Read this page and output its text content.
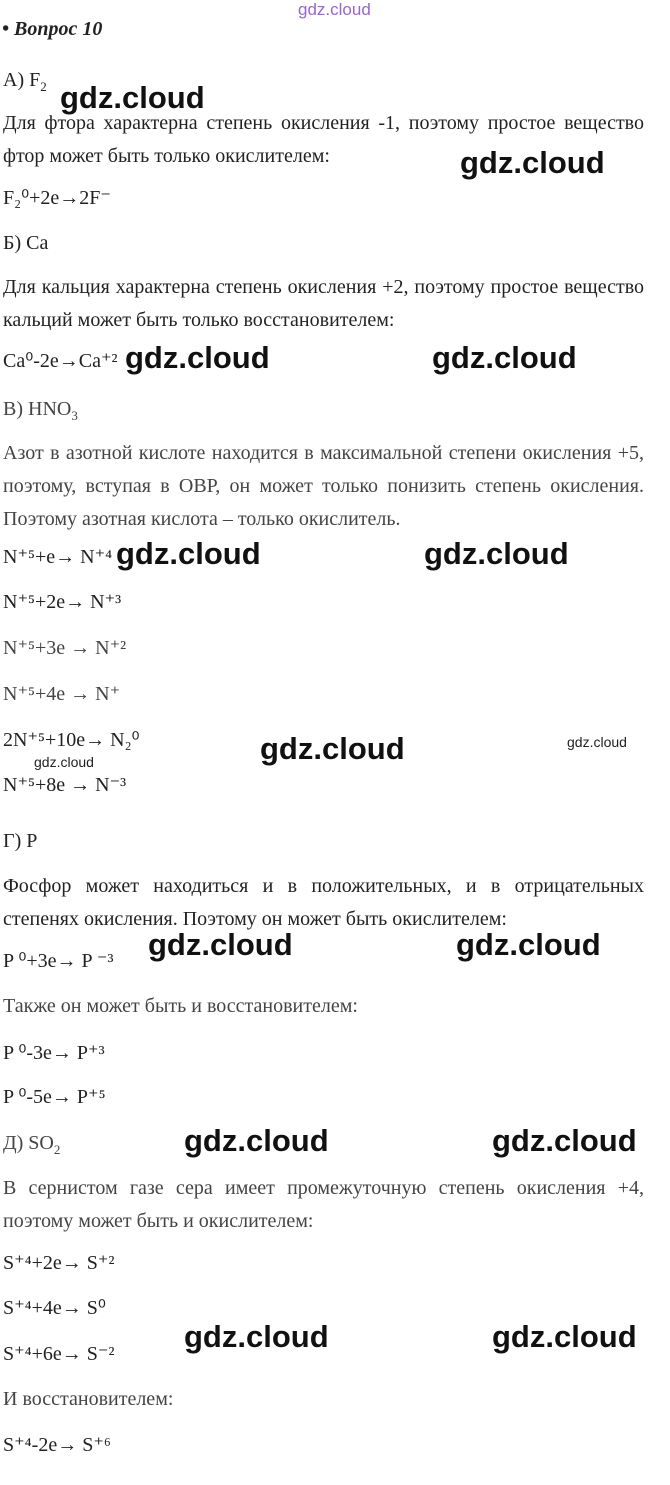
gdz.cloud

• Вопрос 10

А) $F_2$

Для фтора характерна степень окисления -1, поэтому простое вещество фтор может быть только окислителем:

F₂⁰+2e→2F⁻

Б) Ca

Для кальция характерна степень окисления +2, поэтому простое вещество кальций может быть только восстановителем:

Ca⁰-2e→Ca⁺²

В) $HNO_3$

Азот в азотной кислоте находится в максимальной степени окисления +5, поэтому, вступая в ОВР, он может только понизить степень окисления. Поэтому азотная кислота – только окислитель.

N⁺⁵+e→ N⁺⁴

N⁺⁵+2e→ N⁺³

N⁺⁵+3e → N⁺²

N⁺⁵+4e → N⁺

2N⁺⁵+10e→ N₂⁰

N⁺⁵+8e → N⁻³

Г) P

Фосфор может находиться и в положительных, и в отрицательных степенях окисления. Поэтому он может быть окислителем:

P ⁰+3e→ P ⁻³

Также он может быть и восстановителем:

P ⁰-3e→ P⁺³

P ⁰-5e→ P⁺⁵

Д) $SO_2$

В сернистом газе сера имеет промежуточную степень окисления +4, поэтому может быть и окислителем:

S⁺⁴+2e→ S⁺²

S⁺⁴+4e→ S⁰

S⁺⁴+6e→ S⁻²

И восстановителем:

S⁺⁴-2e→ S⁺⁶

gdz.cloud
gdz.cloud
gdz.cloud	gdz.cloud
gdz.cloud	gdz.cloud
gdz.cloud	gdz.cloud
gdz.cloud
gdz.cloud	gdz.cloud
gdz.cloud	gdz.cloud
gdz.cloud	gdz.cloud
